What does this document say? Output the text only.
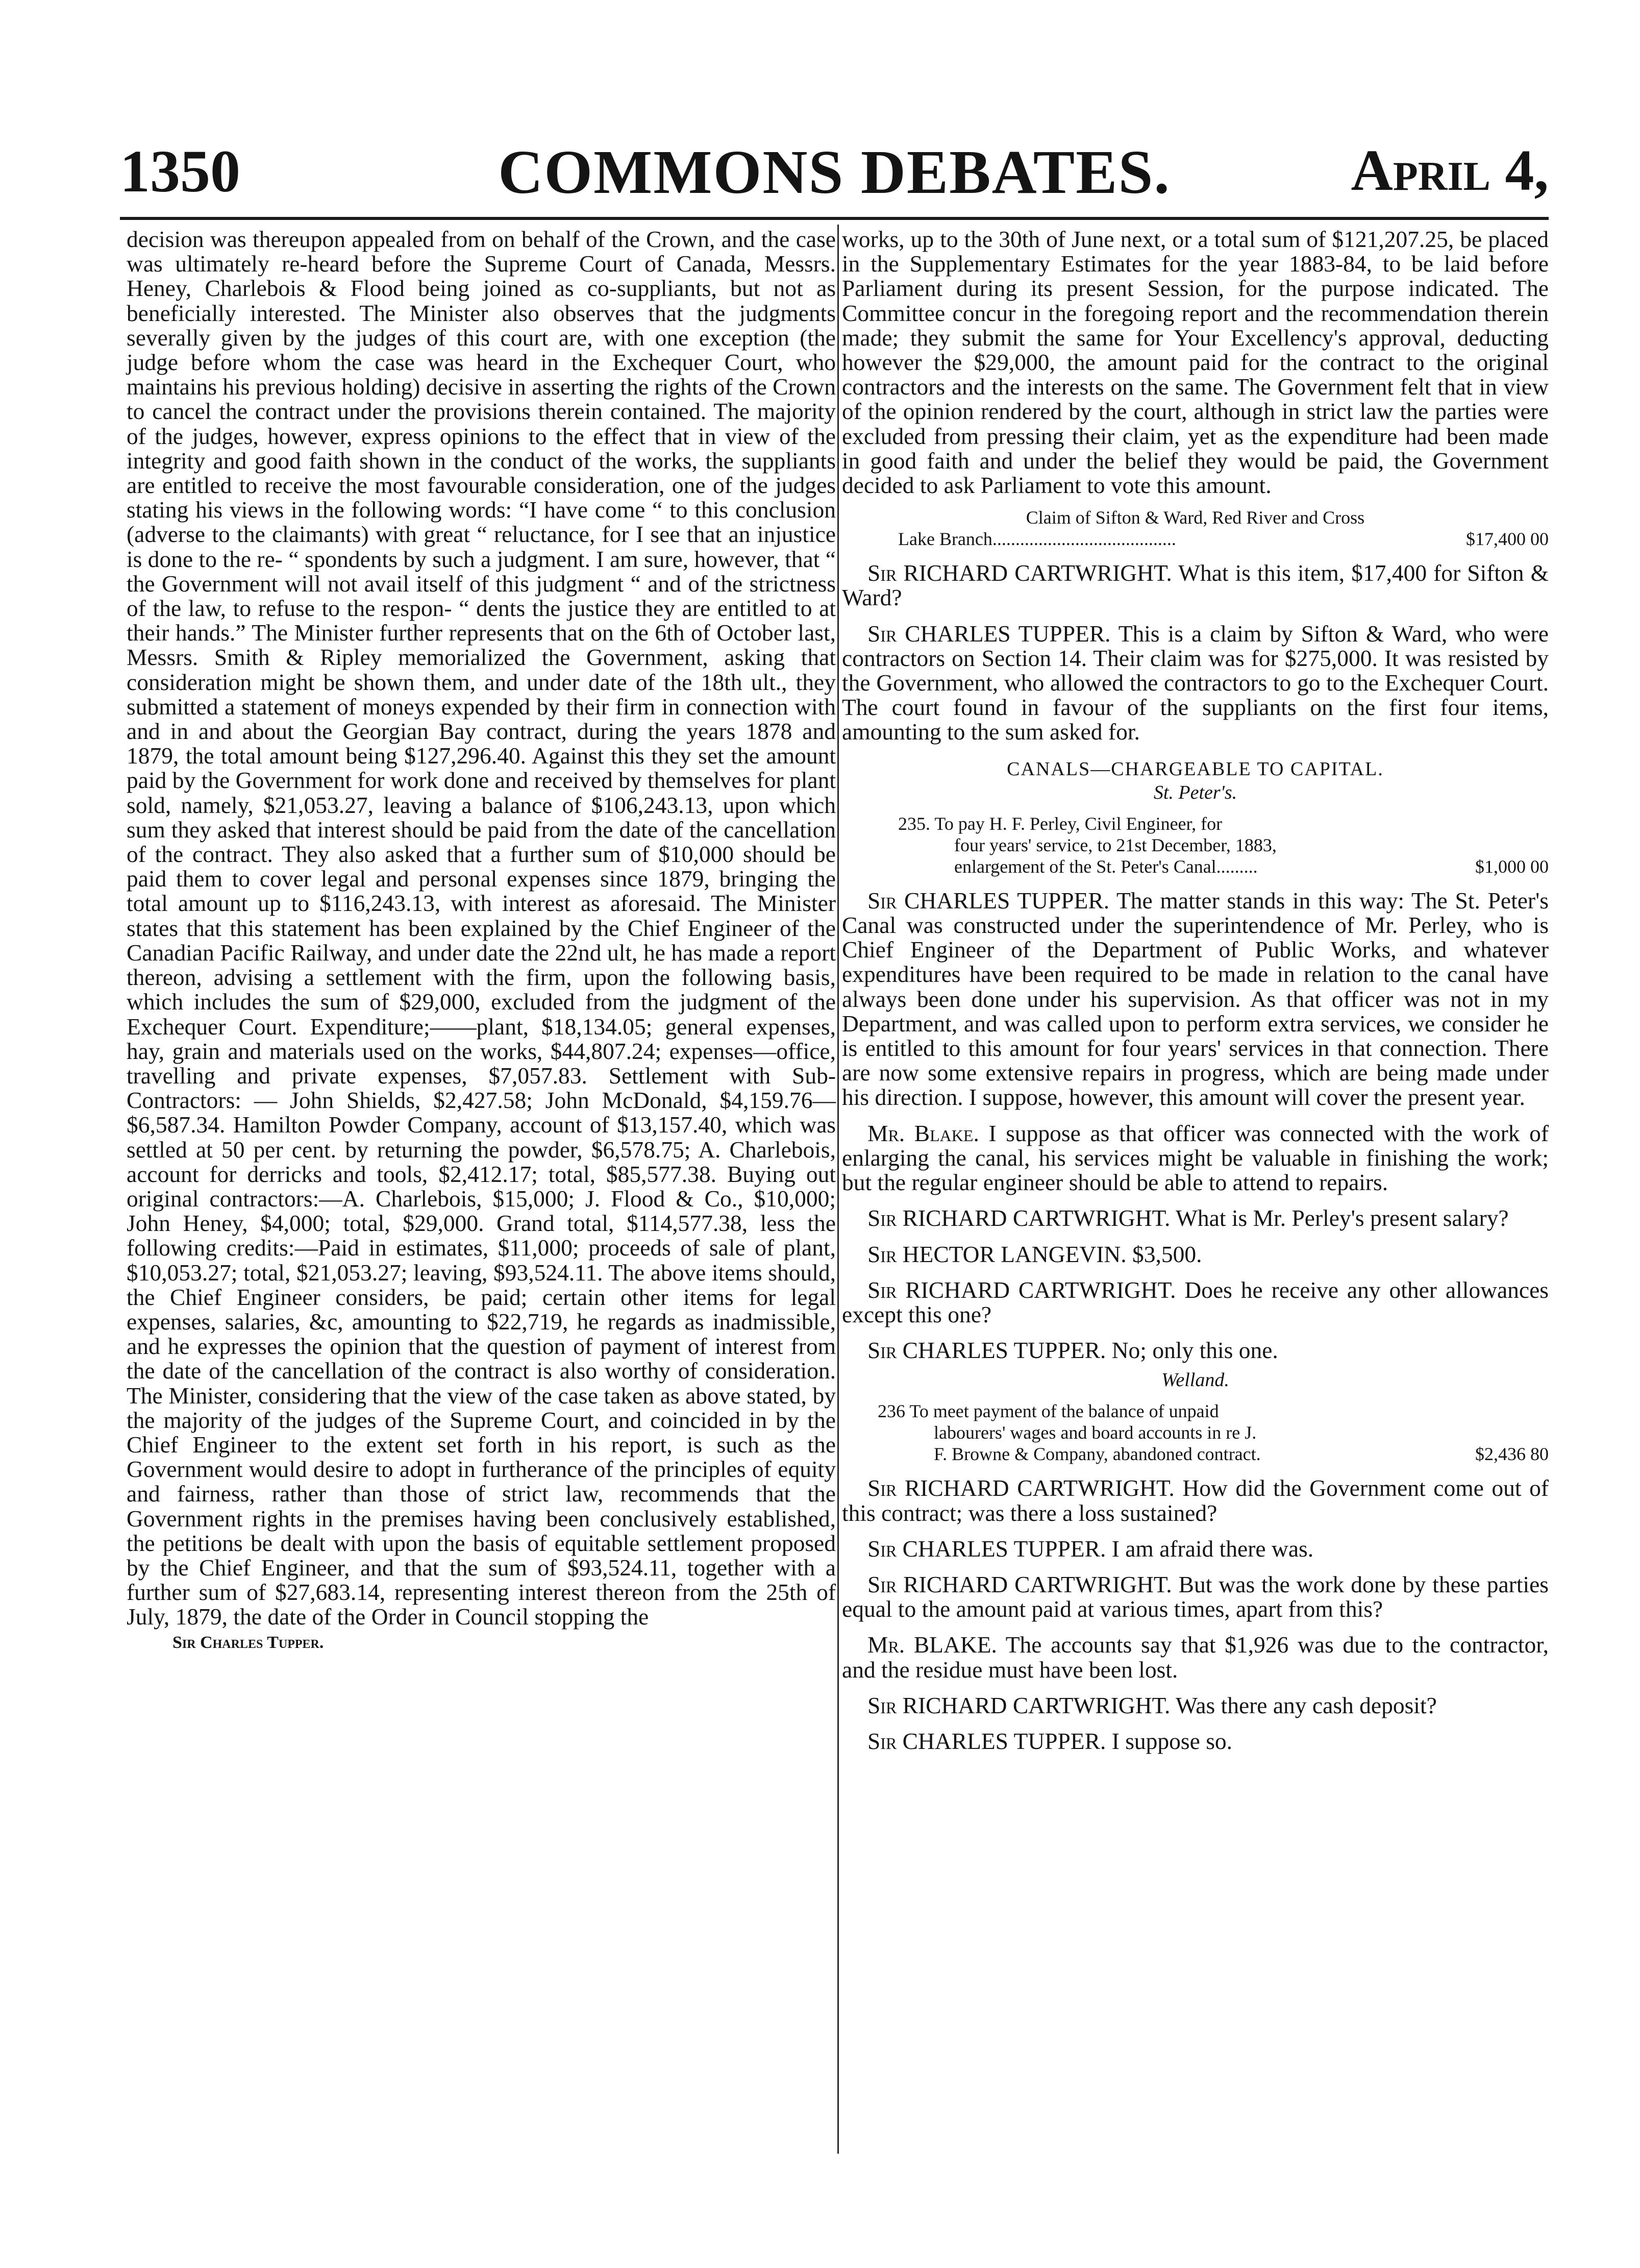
COMMONS DEBATES.
1350	April 4,

decision was thereupon appealed from on behalf of the Crown, and the case was ultimately re-heard before the Supreme Court of Canada, Messrs. Heney, Charlebois & Flood being joined as co-suppliants, but not as beneficially interested. The Minister also observes that the judgments severally given by the judges of this court are, with one exception (the judge before whom the case was heard in the Exchequer Court, who maintains his previous holding) decisive in asserting the rights of the Crown to cancel the contract under the provisions therein contained. The majority of the judges, however, express opinions to the effect that in view of the integrity and good faith shown in the conduct of the works, the suppliants are entitled to receive the most favourable consideration, one of the judges stating his views in the following words: “I have come “ to this conclusion (adverse to the claimants) with great “ reluctance, for I see that an injustice is done to the re- “ spondents by such a judgment. I am sure, however, that “ the Government will not avail itself of this judgment “ and of the strictness of the law, to refuse to the respon- “ dents the justice they are entitled to at their hands.” The Minister further represents that on the 6th of October last, Messrs. Smith & Ripley memorialized the Government, asking that consideration might be shown them, and under date of the 18th ult., they submitted a statement of moneys expended by their firm in connection with and in and about the Georgian Bay contract, during the years 1878 and 1879, the total amount being $127,296.40. Against this they set the amount paid by the Government for work done and received by themselves for plant sold, namely, $21,053.27, leaving a balance of $106,243.13, upon which sum they asked that interest should be paid from the date of the cancellation of the contract. They also asked that a further sum of $10,000 should be paid them to cover legal and personal expenses since 1879, bringing the total amount up to $116,243.13, with interest as aforesaid. The Minister states that this statement has been explained by the Chief Engineer of the Canadian Pacific Railway, and under date the 22nd ult, he has made a report thereon, advising a settlement with the firm, upon the following basis, which includes the sum of $29,000, excluded from the judgment of the Exchequer Court. Expenditure;——plant, $18,134.05; general expenses, hay, grain and materials used on the works, $44,807.24; expenses—office, travelling and private expenses, $7,057.83. Settlement with Sub-Contractors: — John Shields, $2,427.58; John McDonald, $4,159.76—$6,587.34. Hamilton Powder Company, account of $13,157.40, which was settled at 50 per cent. by returning the powder, $6,578.75; A. Charlebois, account for derricks and tools, $2,412.17; total, $85,577.38. Buying out original contractors:—A. Charlebois, $15,000; J. Flood & Co., $10,000; John Heney, $4,000; total, $29,000. Grand total, $114,577.38, less the following credits:—Paid in estimates, $11,000; proceeds of sale of plant, $10,053.27; total, $21,053.27; leaving, $93,524.11. The above items should, the Chief Engineer considers, be paid; certain other items for legal expenses, salaries, &c, amounting to $22,719, he regards as inadmissible, and he expresses the opinion that the question of payment of interest from the date of the cancellation of the contract is also worthy of consideration. The Minister, considering that the view of the case taken as above stated, by the majority of the judges of the Supreme Court, and coincided in by the Chief Engineer to the extent set forth in his report, is such as the Government would desire to adopt in furtherance of the principles of equity and fairness, rather than those of strict law, recommends that the Government rights in the premises having been conclusively established, the petitions be dealt with upon the basis of equitable settlement proposed by the Chief Engineer, and that the sum of $93,524.11, together with a further sum of $27,683.14, representing interest thereon from the 25th of July, 1879, the date of the Order in Council stopping the

Sir Charles Tupper.

works, up to the 30th of June next, or a total sum of $121,207.25, be placed in the Supplementary Estimates for the year 1883-84, to be laid before Parliament during its present Session, for the purpose indicated. The Committee concur in the foregoing report and the recommendation therein made; they submit the same for Your Excellency's approval, deducting however the $29,000, the amount paid for the contract to the original contractors and the interests on the same. The Government felt that in view of the opinion rendered by the court, although in strict law the parties were excluded from pressing their claim, yet as the expenditure had been made in good faith and under the belief they would be paid, the Government decided to ask Parliament to vote this amount.

Claim of Sifton & Ward, Red River and Cross
Lake Branch........................................	$17,400 00

Sir RICHARD CARTWRIGHT. What is this item, $17,400 for Sifton & Ward?

Sir CHARLES TUPPER. This is a claim by Sifton & Ward, who were contractors on Section 14. Their claim was for $275,000. It was resisted by the Government, who allowed the contractors to go to the Exchequer Court. The court found in favour of the suppliants on the first four items, amounting to the sum asked for.

CANALS—CHARGEABLE TO CAPITAL.
St. Peter's.
235. To pay H. F. Perley, Civil Engineer, for
four years' service, to 21st December, 1883,
enlargement of the St. Peter's Canal.........	$1,000 00

Sir CHARLES TUPPER. The matter stands in this way: The St. Peter's Canal was constructed under the superintendence of Mr. Perley, who is Chief Engineer of the Department of Public Works, and whatever expenditures have been required to be made in relation to the canal have always been done under his supervision. As that officer was not in my Department, and was called upon to perform extra services, we consider he is entitled to this amount for four years' services in that connection. There are now some extensive repairs in progress, which are being made under his direction. I suppose, however, this amount will cover the present year.

Mr. Blake. I suppose as that officer was connected with the work of enlarging the canal, his services might be valuable in finishing the work; but the regular engineer should be able to attend to repairs.

Sir RICHARD CARTWRIGHT. What is Mr. Perley's present salary?

Sir HECTOR LANGEVIN. $3,500.

Sir RICHARD CARTWRIGHT. Does he receive any other allowances except this one?

Sir CHARLES TUPPER. No; only this one.

Welland.
236 To meet payment of the balance of unpaid
labourers' wages and board accounts in re J.
F. Browne & Company, abandoned contract.	$2,436 80

Sir RICHARD CARTWRIGHT. How did the Government come out of this contract; was there a loss sustained?

Sir CHARLES TUPPER. I am afraid there was.

Sir RICHARD CARTWRIGHT. But was the work done by these parties equal to the amount paid at various times, apart from this?

Mr. BLAKE. The accounts say that $1,926 was due to the contractor, and the residue must have been lost.

Sir RICHARD CARTWRIGHT. Was there any cash deposit?

Sir CHARLES TUPPER. I suppose so.
